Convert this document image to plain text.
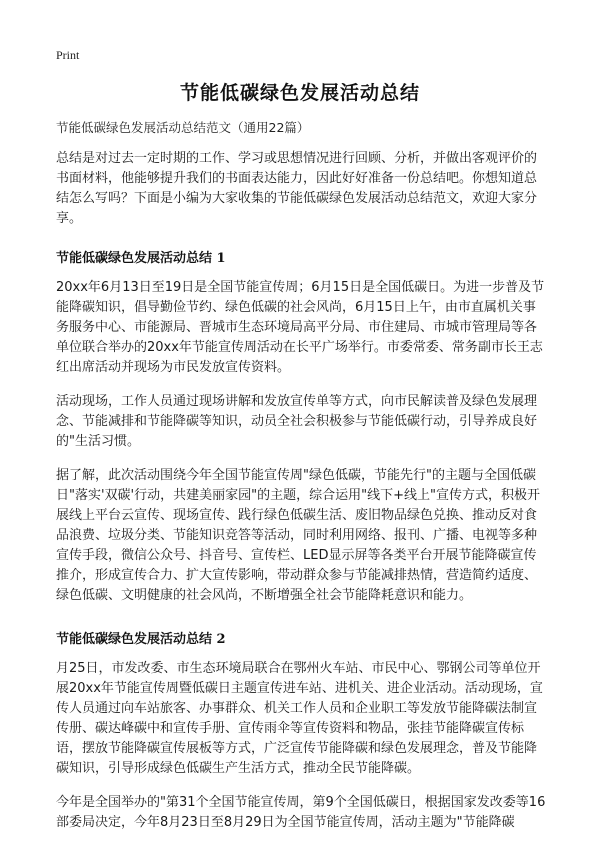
Print
节能低碳绿色发展活动总结
节能低碳绿色发展活动总结范文（通用22篇）

总结是对过去一定时期的工作、学习或思想情况进行回顾、分析，并做出客观评价的书面材料，他能够提升我们的书面表达能力，因此好好准备一份总结吧。你想知道总结怎么写吗？下面是小编为大家收集的节能低碳绿色发展活动总结范文，欢迎大家分享。

节能低碳绿色发展活动总结 1

20xx年6月13日至19日是全国节能宣传周；6月15日是全国低碳日。为进一步普及节能降碳知识，倡导勤俭节约、绿色低碳的社会风尚，6月15日上午，由市直属机关事务服务中心、市能源局、晋城市生态环境局高平分局、市住建局、市城市管理局等各单位联合举办的20xx年节能宣传周活动在长平广场举行。市委常委、常务副市长王志红出席活动并现场为市民发放宣传资料。

活动现场，工作人员通过现场讲解和发放宣传单等方式，向市民解读普及绿色发展理念、节能减排和节能降碳等知识，动员全社会积极参与节能低碳行动，引导养成良好的"生活习惯。

据了解，此次活动围绕今年全国节能宣传周"绿色低碳，节能先行"的主题与全国低碳日"落实'双碳'行动，共建美丽家园"的主题，综合运用"线下+线上"宣传方式，积极开展线上平台云宣传、现场宣传、践行绿色低碳生活、废旧物品绿色兑换、推动反对食品浪费、垃圾分类、节能知识竞答等活动，同时利用网络、报刊、广播、电视等多种宣传手段，微信公众号、抖音号、宣传栏、LED显示屏等各类平台开展节能降碳宣传推介，形成宣传合力、扩大宣传影响，带动群众参与节能减排热情，营造简约适度、绿色低碳、文明健康的社会风尚，不断增强全社会节能降耗意识和能力。

节能低碳绿色发展活动总结 2

月25日，市发改委、市生态环境局联合在鄂州火车站、市民中心、鄂钢公司等单位开展20xx年节能宣传周暨低碳日主题宣传进车站、进机关、进企业活动。活动现场，宣传人员通过向车站旅客、办事群众、机关工作人员和企业职工等发放节能降碳法制宣传册、碳达峰碳中和宣传手册、宣传雨伞等宣传资料和物品，张挂节能降碳宣传标语，摆放节能降碳宣传展板等方式，广泛宣传节能降碳和绿色发展理念，普及节能降碳知识，引导形成绿色低碳生产生活方式，推动全民节能降碳。

今年是全国举办的"第31个全国节能宣传周，第9个全国低碳日，根据国家发改委等16部委局决定，今年8月23日至8月29日为全国节能宣传周，活动主题为"节能降碳
